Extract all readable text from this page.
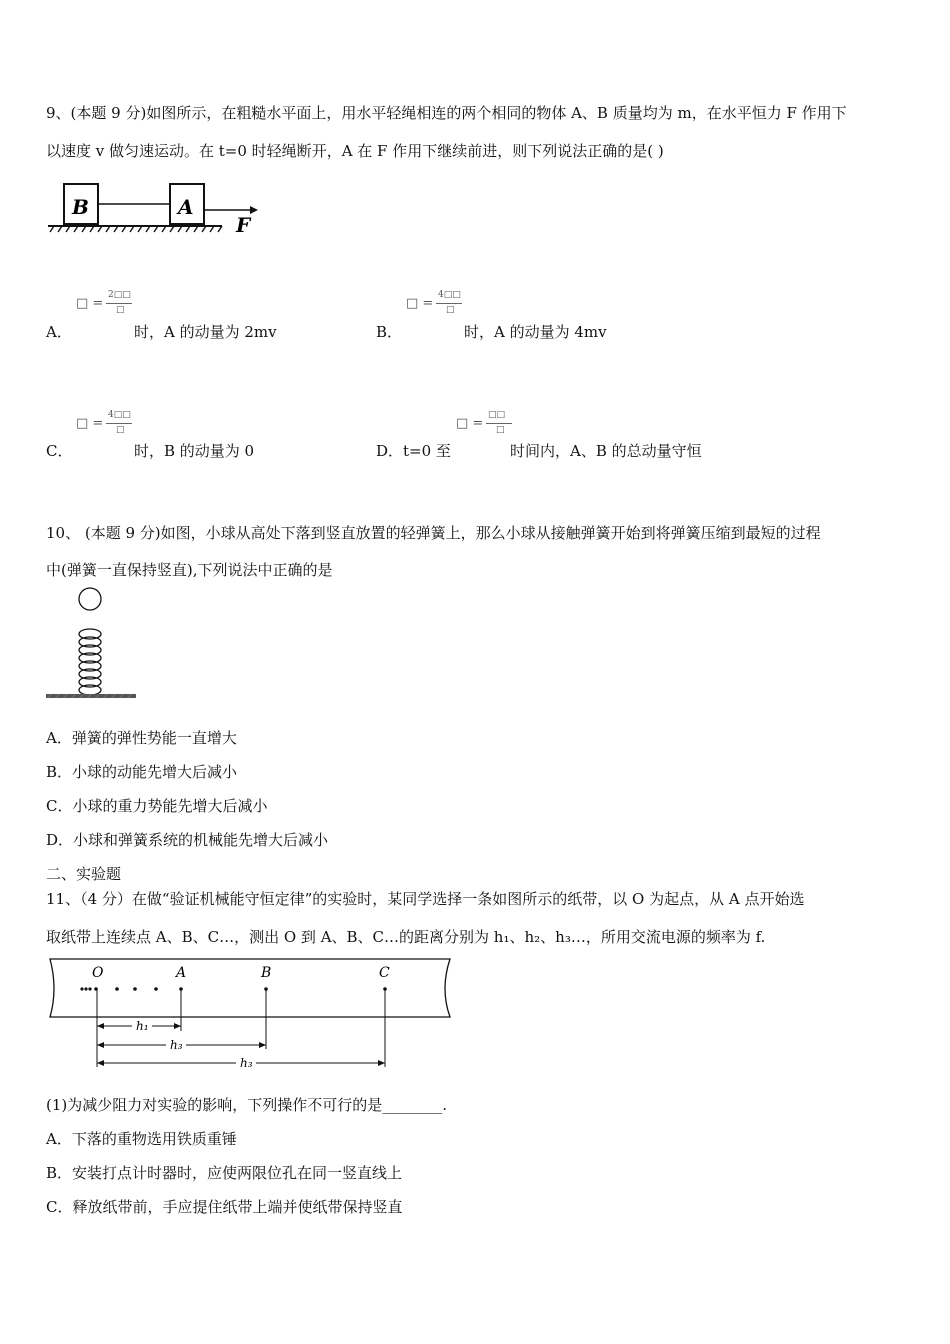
9、(本题 9 分)如图所示，在粗糙水平面上，用水平轻绳相连的两个相同的物体 A、B 质量均为 m，在水平恒力 F 作用下
以速度 v 做匀速运动。在 t=0 时轻绳断开，A 在 F 作用下继续前进，则下列说法正确的是( )
B	A
F
□ =
2□□
□
A．	时，A 的动量为 2mv
□ =
4□□
□
B．	时，A 的动量为 4mv
□ =
4□□
□
C．	时，B 的动量为 0
□ =
□□
□
D．t=0 至	时间内，A、B 的总动量守恒
10、 (本题 9 分)如图，小球从高处下落到竖直放置的轻弹簧上，那么小球从接触弹簧开始到将弹簧压缩到最短的过程
中(弹簧一直保持竖直),下列说法中正确的是
A．弹簧的弹性势能一直增大
B．小球的动能先增大后减小
C．小球的重力势能先增大后减小
D．小球和弹簧系统的机械能先增大后减小
二、实验题
11、（4 分）在做“验证机械能守恒定律”的实验时，某同学选择一条如图所示的纸带，以 O 为起点，从 A 点开始选
取纸带上连续点 A、B、C…，测出 O 到 A、B、C…的距离分别为 h₁、h₂、h₃…，所用交流电源的频率为 f.
O	A	B	C
h₁
h₃
h₃
(1)为减少阻力对实验的影响，下列操作不可行的是________.
A．下落的重物选用铁质重锤
B．安装打点计时器时，应使两限位孔在同一竖直线上
C．释放纸带前，手应提住纸带上端并使纸带保持竖直
